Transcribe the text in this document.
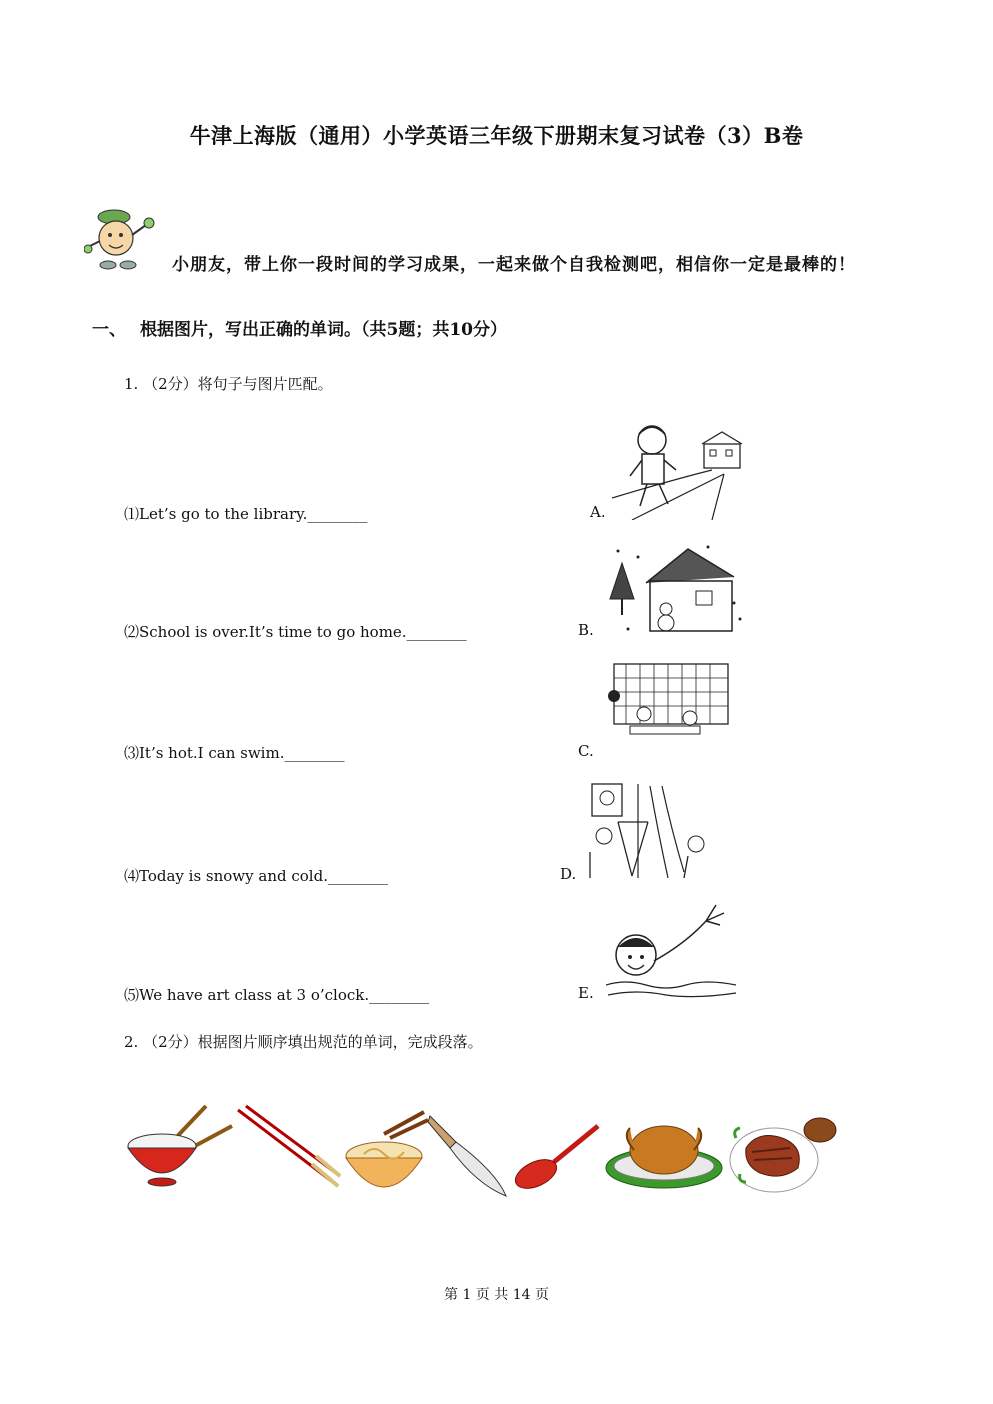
牛津上海版（通用）小学英语三年级下册期末复习试卷（3）B卷
小朋友，带上你一段时间的学习成果，一起来做个自我检测吧，相信你一定是最棒的！
一、 根据图片，写出正确的单词。（共5题；共10分）
1. （2分）将句子与图片匹配。
⑴Let’s go to the library.________	A.
⑵School is over.It’s time to go home.________	B.
⑶It’s hot.I can swim.________	C.
⑷Today is snowy and cold.________	D.
⑸We have art class at 3 o’clock.________	E.
2. （2分）根据图片顺序填出规范的单词，完成段落。
第 1 页 共 14 页
